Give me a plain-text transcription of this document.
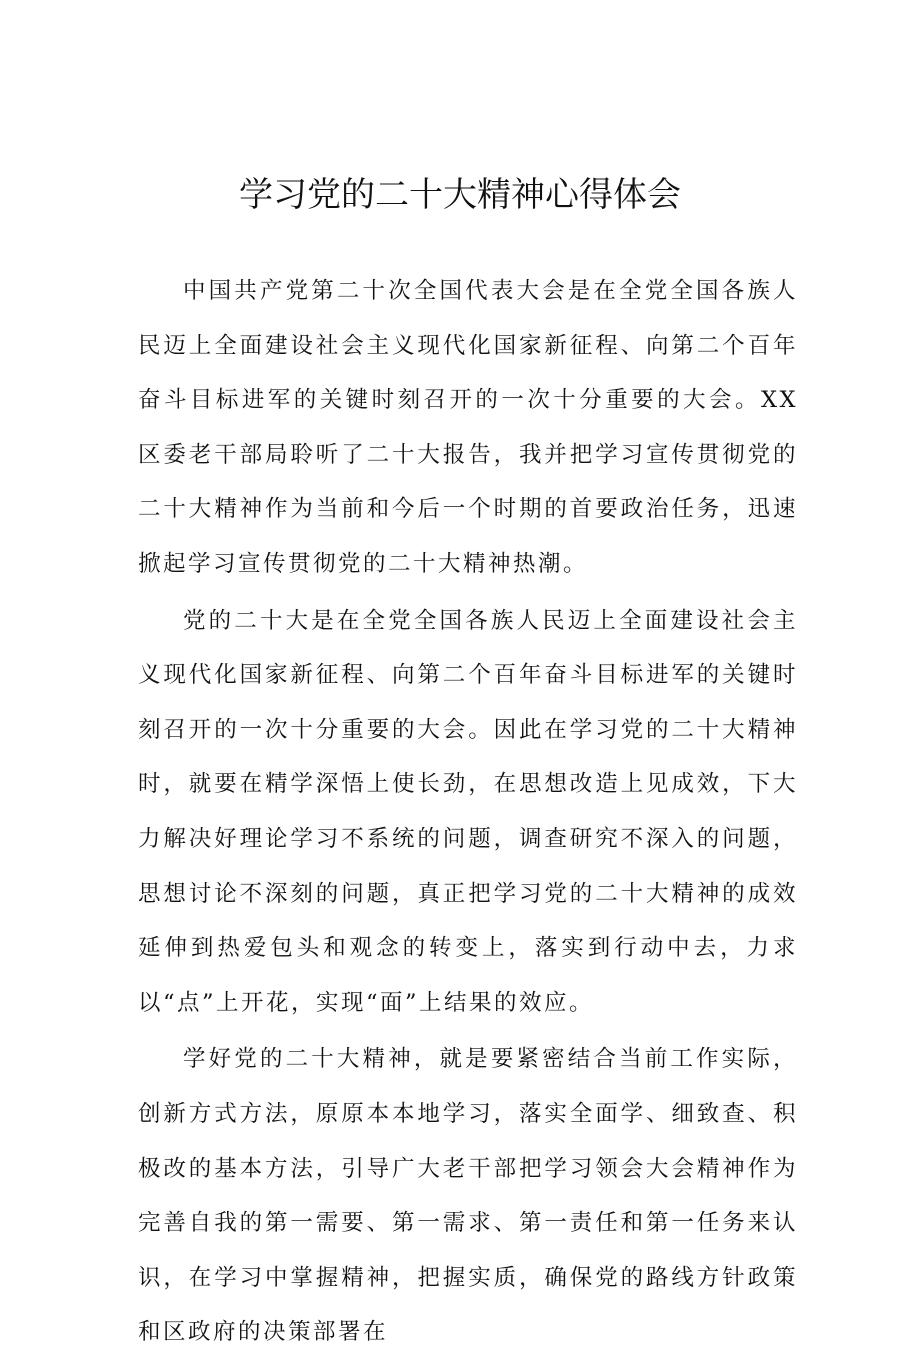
学习党的二十大精神心得体会

中国共产党第二十次全国代表大会是在全党全国各族人民迈上全面建设社会主义现代化国家新征程、向第二个百年奋斗目标进军的关键时刻召开的一次十分重要的大会。XX区委老干部局聆听了二十大报告，我并把学习宣传贯彻党的二十大精神作为当前和今后一个时期的首要政治任务，迅速掀起学习宣传贯彻党的二十大精神热潮。

党的二十大是在全党全国各族人民迈上全面建设社会主义现代化国家新征程、向第二个百年奋斗目标进军的关键时刻召开的一次十分重要的大会。因此在学习党的二十大精神时，就要在精学深悟上使长劲，在思想改造上见成效，下大力解决好理论学习不系统的问题，调查研究不深入的问题，思想讨论不深刻的问题，真正把学习党的二十大精神的成效延伸到热爱包头和观念的转变上，落实到行动中去，力求以“点”上开花，实现“面”上结果的效应。

学好党的二十大精神，就是要紧密结合当前工作实际，创新方式方法，原原本本地学习，落实全面学、细致查、积极改的基本方法，引导广大老干部把学习领会大会精神作为完善自我的第一需要、第一需求、第一责任和第一任务来认识，在学习中掌握精神，把握实质，确保党的路线方针政策和区政府的决策部署在
